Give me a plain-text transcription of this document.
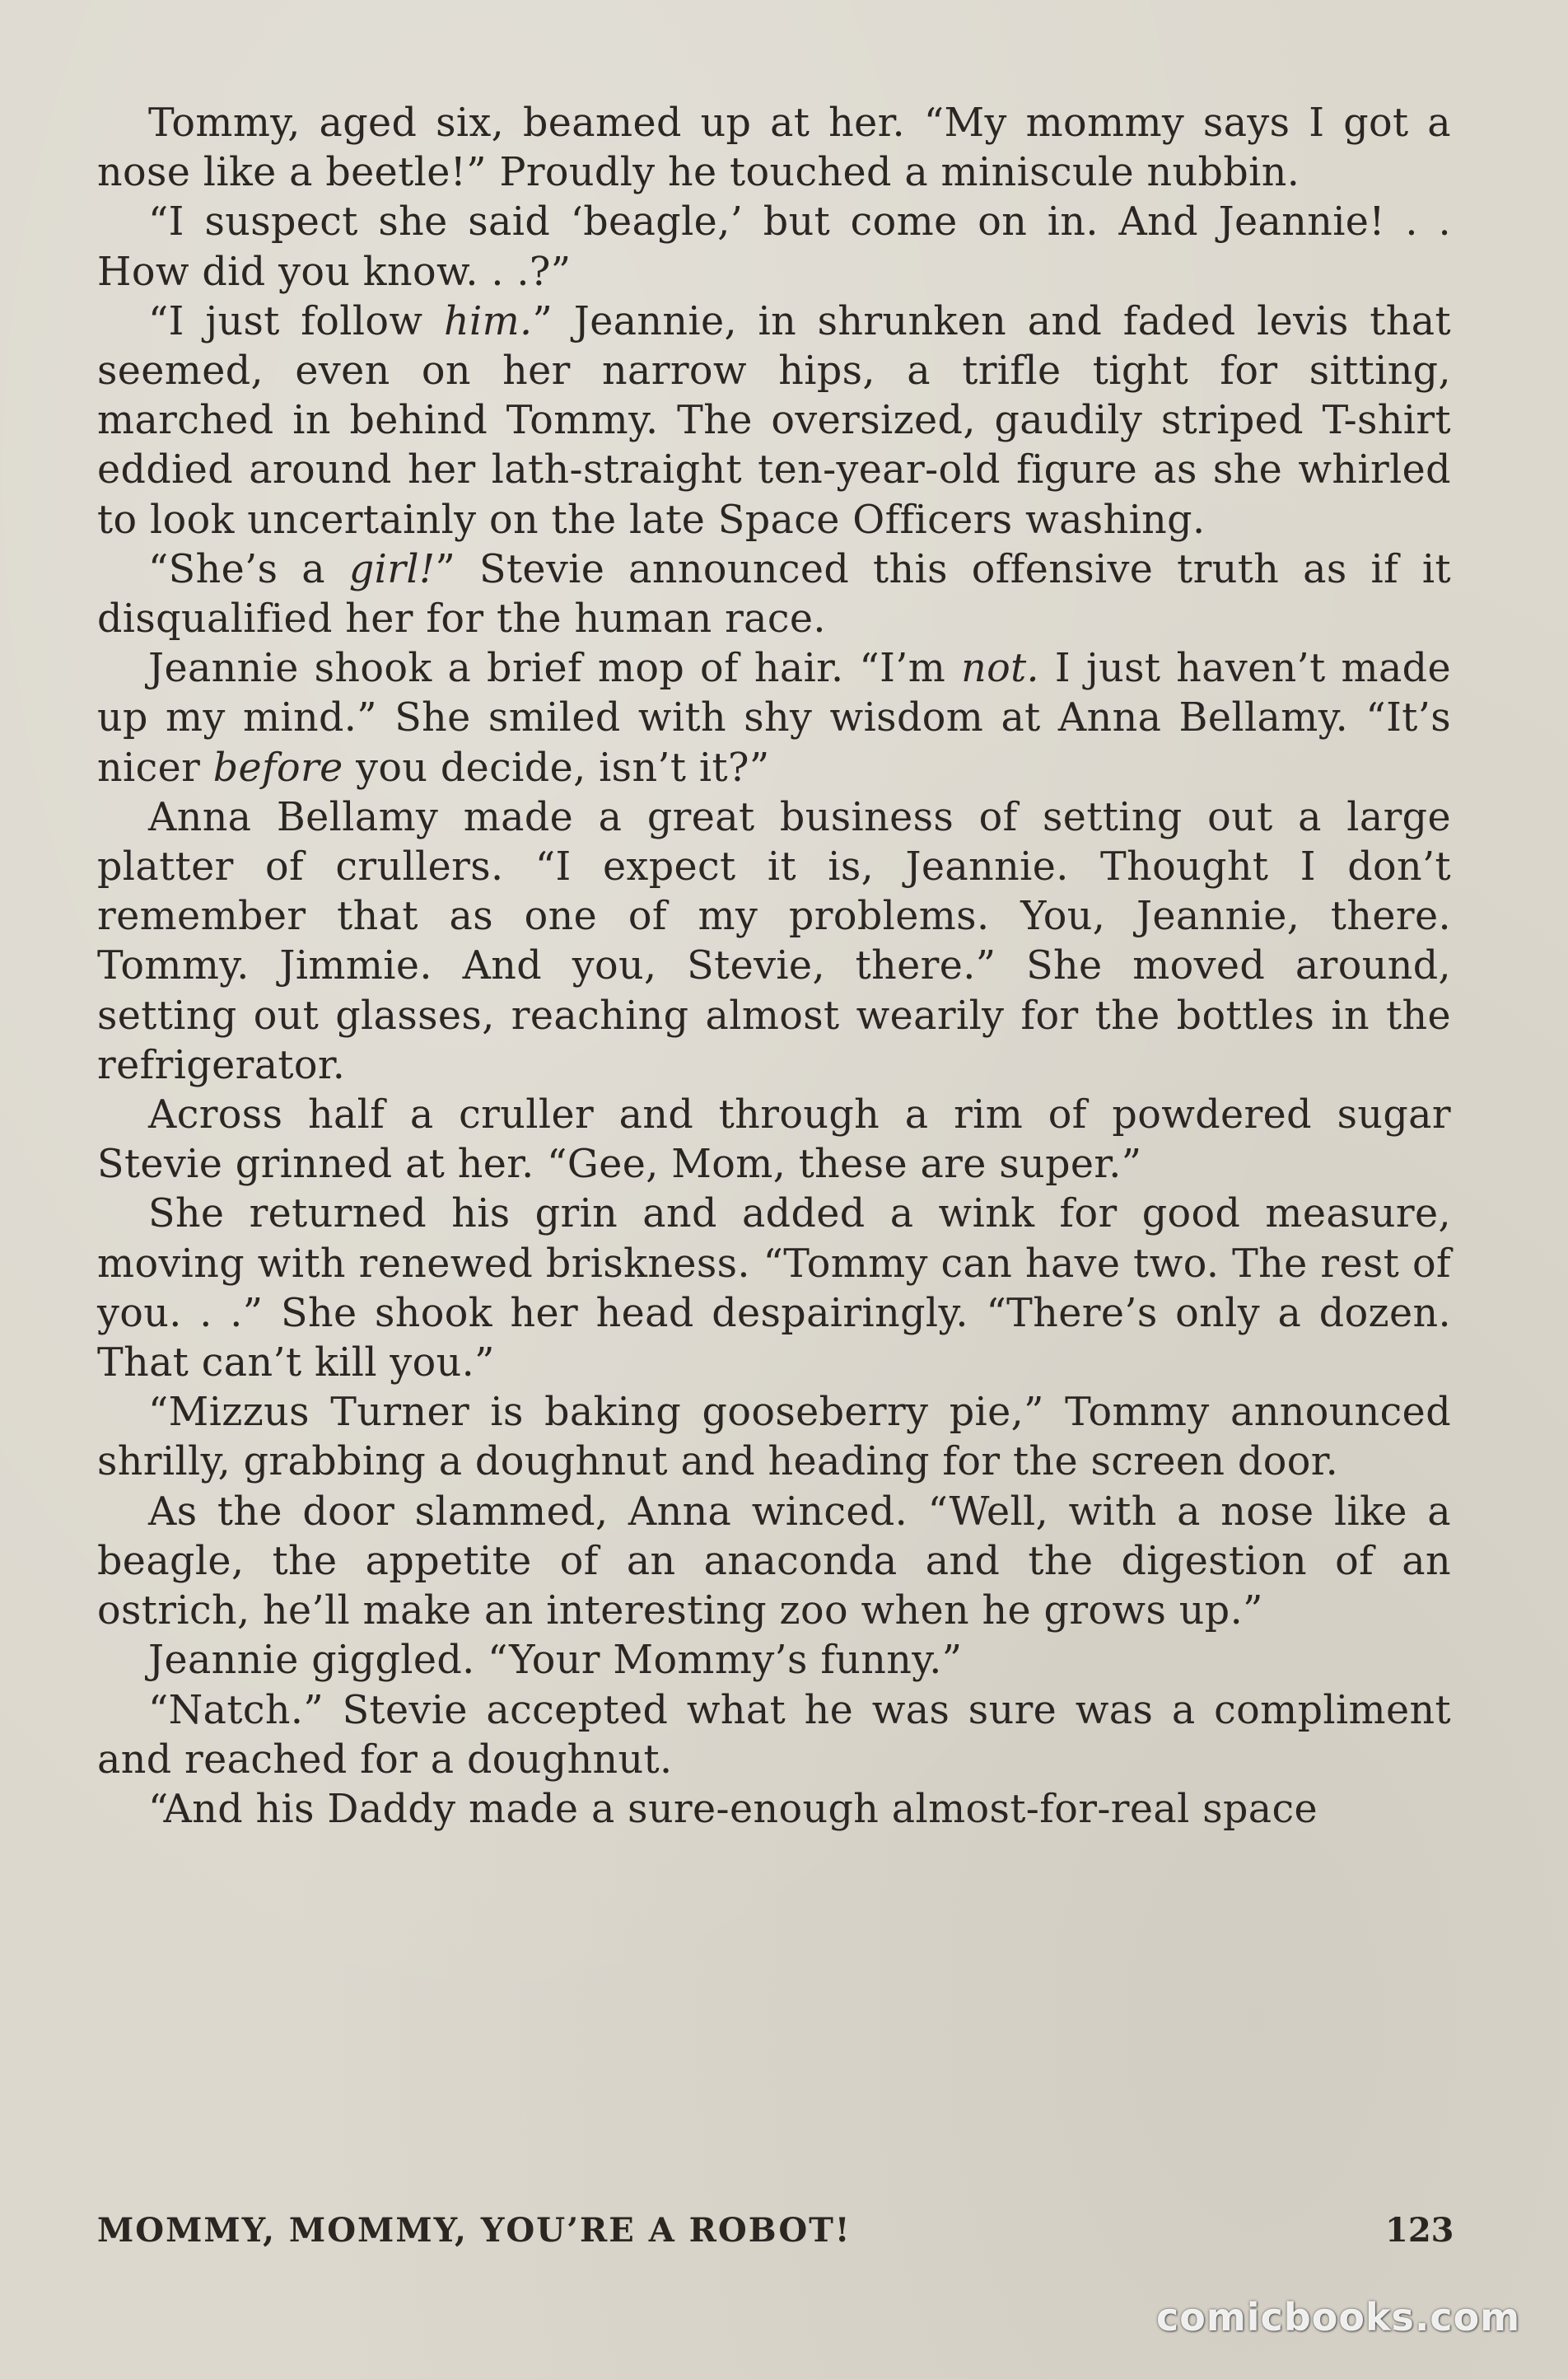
Tommy, aged six, beamed up at her. “My mommy says I got a nose like a beetle!” Proudly he touched a miniscule nubbin.

“I suspect she said ‘beagle,’ but come on in. And Jeannie! . . How did you know. . .?”

“I just follow him.” Jeannie, in shrunken and faded levis that seemed, even on her narrow hips, a trifle tight for sitting, marched in behind Tommy. The oversized, gaudily striped T-shirt eddied around her lath-straight ten-year-old figure as she whirled to look uncertainly on the late Space Officers washing.

“She’s a girl!” Stevie announced this offensive truth as if it disqualified her for the human race.

Jeannie shook a brief mop of hair. “I’m not. I just haven’t made up my mind.” She smiled with shy wisdom at Anna Bellamy. “It’s nicer before you decide, isn’t it?”

Anna Bellamy made a great business of setting out a large platter of crullers. “I expect it is, Jeannie. Thought I don’t remember that as one of my problems. You, Jeannie, there. Tommy. Jimmie. And you, Stevie, there.” She moved around, setting out glasses, reaching almost wearily for the bottles in the refrigerator.

Across half a cruller and through a rim of powdered sugar Stevie grinned at her. “Gee, Mom, these are super.”

She returned his grin and added a wink for good measure, moving with renewed briskness. “Tommy can have two. The rest of you. . .” She shook her head despairingly. “There’s only a dozen. That can’t kill you.”

“Mizzus Turner is baking gooseberry pie,” Tommy announced shrilly, grabbing a doughnut and heading for the screen door.

As the door slammed, Anna winced. “Well, with a nose like a beagle, the appetite of an anaconda and the digestion of an ostrich, he’ll make an interesting zoo when he grows up.”

Jeannie giggled. “Your Mommy’s funny.”

“Natch.” Stevie accepted what he was sure was a compliment and reached for a doughnut.

“And his Daddy made a sure-enough almost-for-real space

MOMMY, MOMMY, YOU’RE A ROBOT!	123
comicbooks.com
